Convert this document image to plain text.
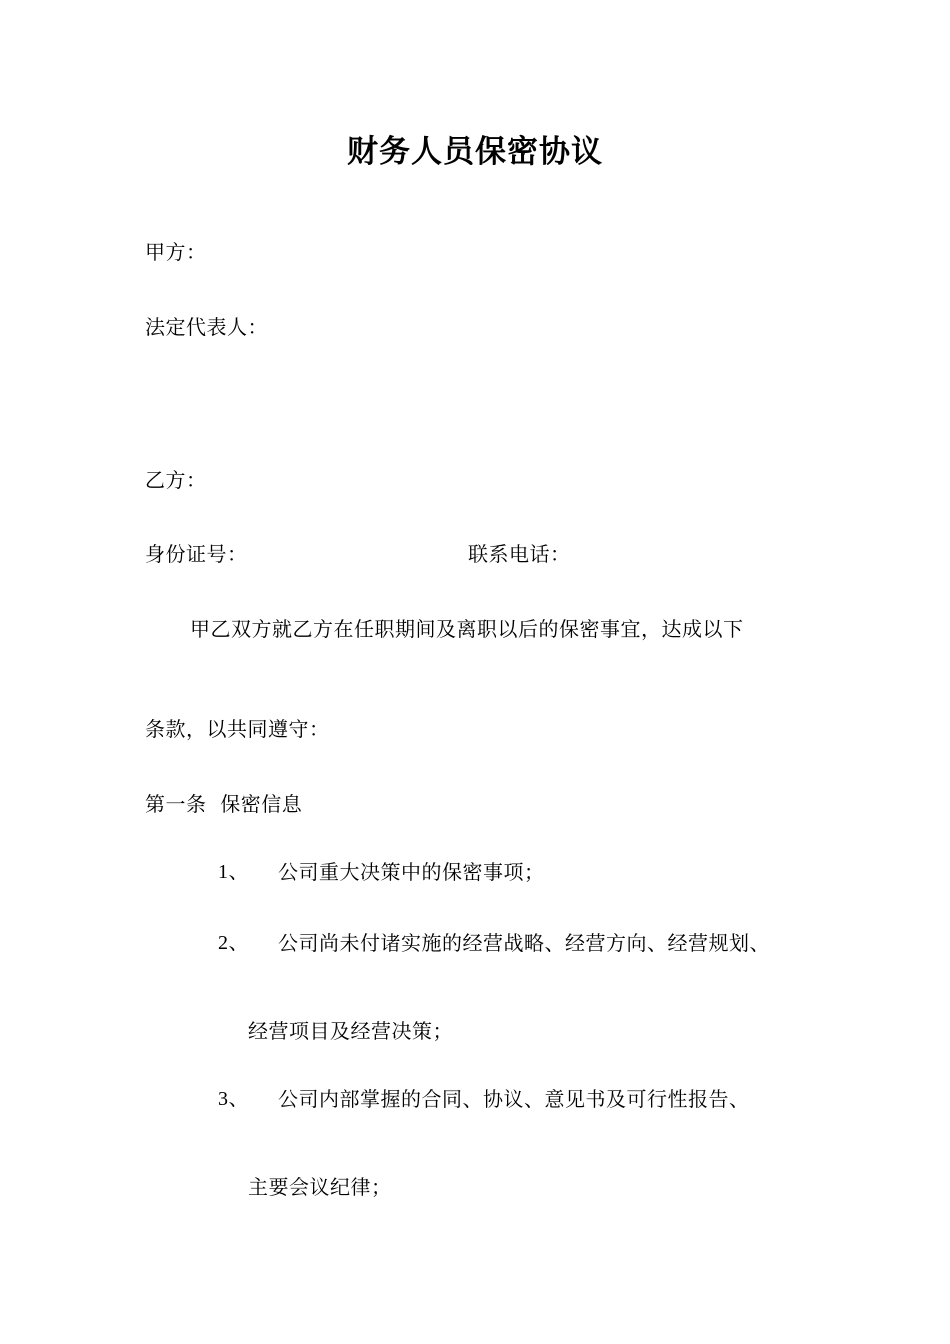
财务人员保密协议
甲方：
法定代表人：
乙方：
身份证号：	联系电话：
甲乙双方就乙方在任职期间及离职以后的保密事宜，达成以下
条款，以共同遵守：
第一条  保密信息
1、 公司重大决策中的保密事项；
2、 公司尚未付诸实施的经营战略、经营方向、经营规划、
经营项目及经营决策；
3、 公司内部掌握的合同、协议、意见书及可行性报告、
主要会议纪律；
